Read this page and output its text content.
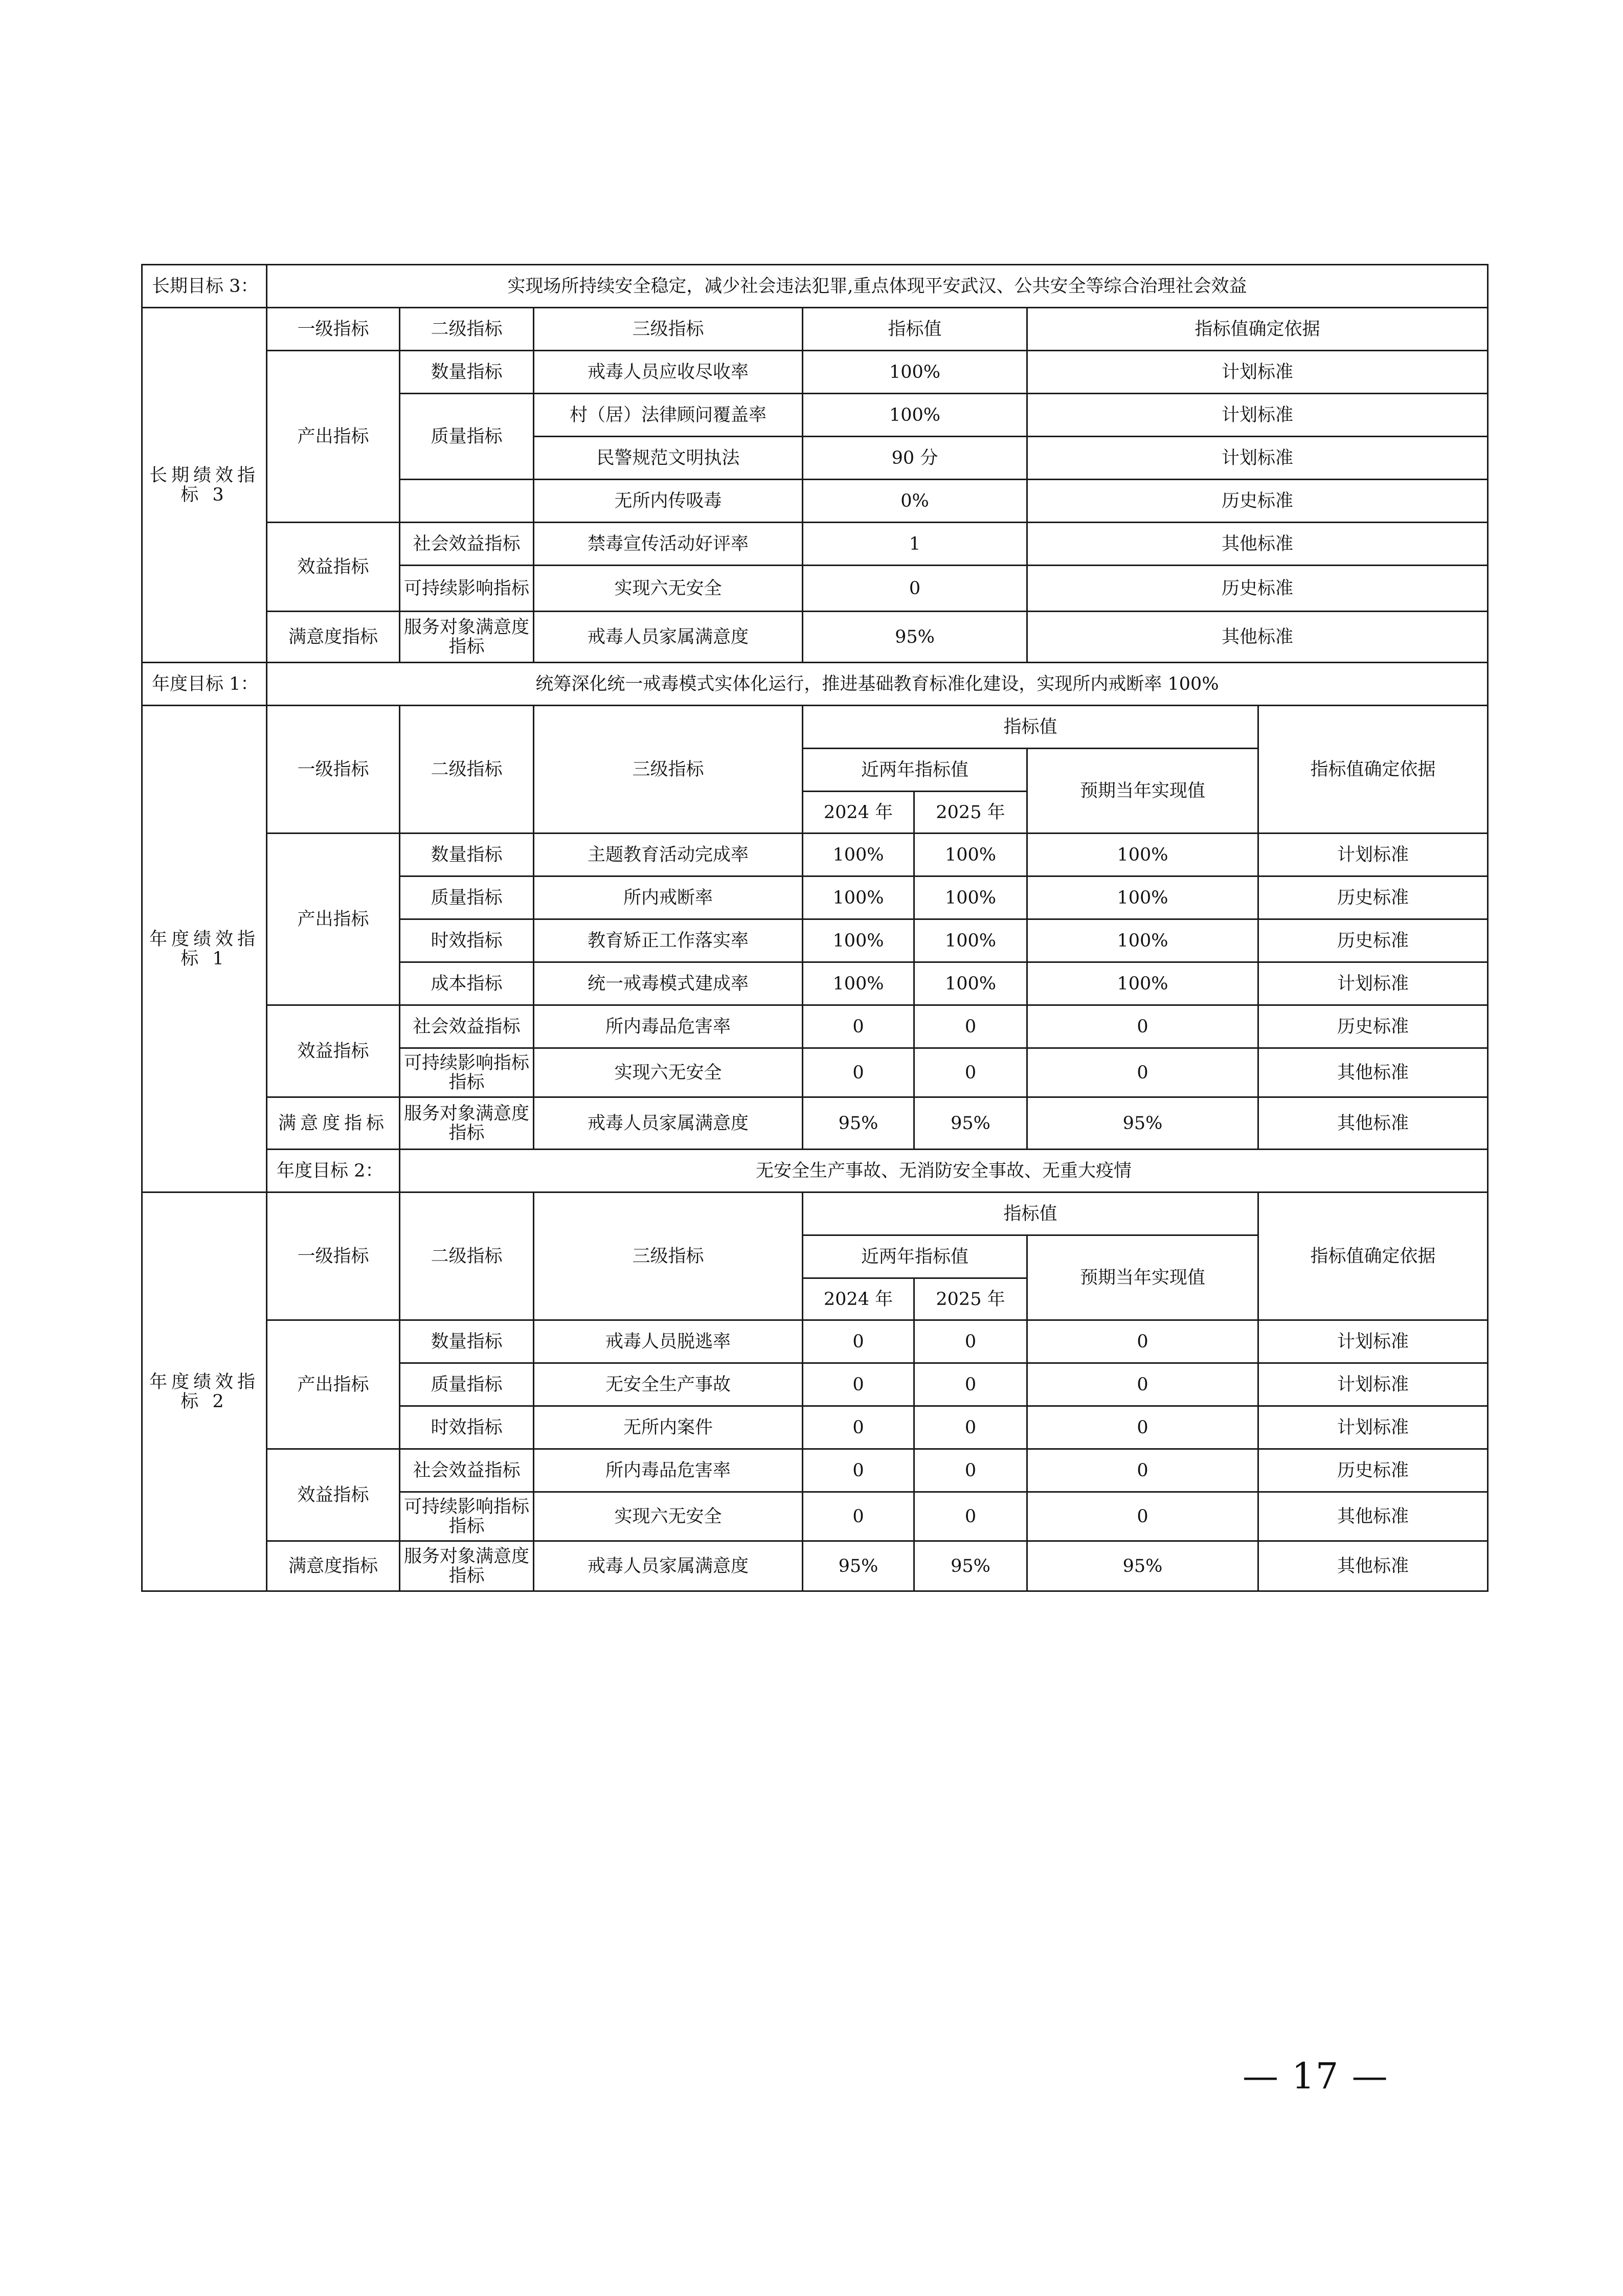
长期目标 3：	实现场所持续安全稳定，减少社会违法犯罪,重点体现平安武汉、公共安全等综合治理社会效益						
长期绩效指标 3	一级指标	二级指标	三级指标	指标值		指标值确定依据	
	产出指标	数量指标	戒毒人员应收尽收率	100%		计划标准	
		质量指标	村（居）法律顾问覆盖率	100%		计划标准	
			民警规范文明执法	90 分		计划标准	
			无所内传吸毒	0%		历史标准	
	效益指标	社会效益指标	禁毒宣传活动好评率	1		其他标准	
		可持续影响指标	实现六无安全	0		历史标准	
	满意度指标	服务对象满意度指标	戒毒人员家属满意度	95%		其他标准	
年度目标 1：	统筹深化统一戒毒模式实体化运行，推进基础教育标准化建设，实现所内戒断率 100%						
年度绩效指标 1	一级指标	二级指标	三级指标	指标值			指标值确定依据
				近两年指标值		预期当年实现值	
				2024 年	2025 年		
	产出指标	数量指标	主题教育活动完成率	100%	100%	100%	计划标准
		质量指标	所内戒断率	100%	100%	100%	历史标准
		时效指标	教育矫正工作落实率	100%	100%	100%	历史标准
		成本指标	统一戒毒模式建成率	100%	100%	100%	计划标准
	效益指标	社会效益指标	所内毒品危害率	0	0	0	历史标准
		可持续影响指标指标	实现六无安全	0	0	0	其他标准
	满意度指标	服务对象满意度指标	戒毒人员家属满意度	95%	95%	95%	其他标准
	年度目标 2：	无安全生产事故、无消防安全事故、无重大疫情					
年度绩效指标 2	一级指标	二级指标	三级指标	指标值			指标值确定依据
				近两年指标值		预期当年实现值	
				2024 年	2025 年		
	产出指标	数量指标	戒毒人员脱逃率	0	0	0	计划标准
		质量指标	无安全生产事故	0	0	0	计划标准
		时效指标	无所内案件	0	0	0	计划标准
	效益指标	社会效益指标	所内毒品危害率	0	0	0	历史标准
		可持续影响指标指标	实现六无安全	0	0	0	其他标准
	满意度指标	服务对象满意度指标	戒毒人员家属满意度	95%	95%	95%	其他标准
— 17 —
